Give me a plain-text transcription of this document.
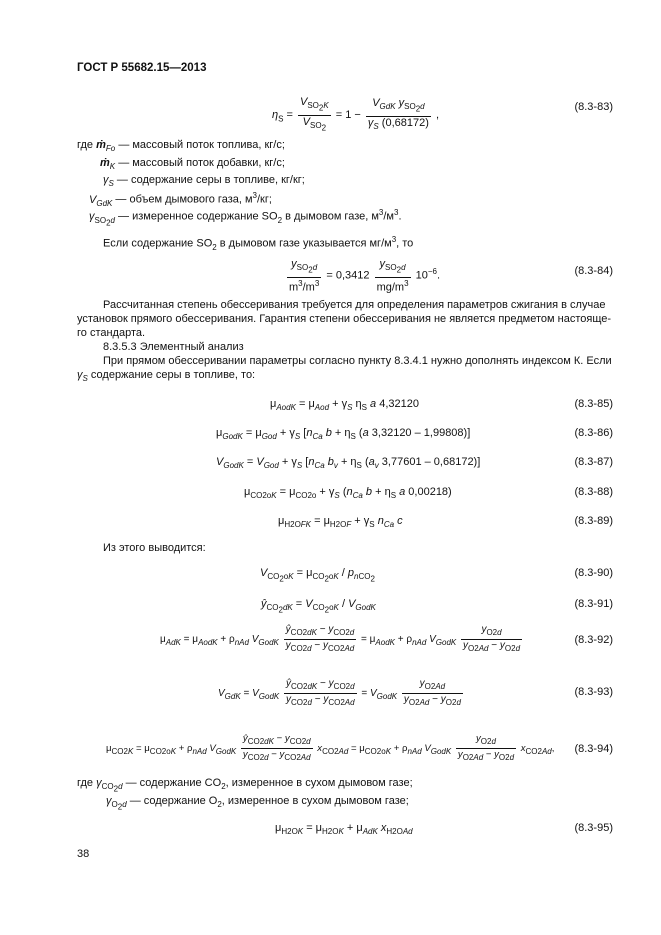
ГОСТ Р 55682.15—2013
$\eta_S = \frac{V_{SO_2K}}{V_{SO_2}} = 1 - \frac{V_{GdK} y_{SO_2d}}{\gamma_S (0,68172)}$ ,
(8.3-83)
где ṁ$_{Fo}$ — массовый поток топлива, кг/с;
ṁ$_K$ — массовый поток добавки, кг/с;
$\gamma_S$ — содержание серы в топливе, кг/кг;
$V_{GdK}$ — объем дымового газа, $м^3/кг$;
$\gamma_{SO_2d}$ — измеренное содержание $SO_2$ в дымовом газе, $м^3/м^3$.
Если содержание $SO_2$ в дымовом газе указывается $мг/м^3$, то
$\frac{y_{SO_2d}}{m^3/m^3} = 0,3412 \frac{y_{SO_2d}}{mg/m^3} 10^{-6}$.	(8.3-84)
Рассчитанная степень обессеривания требуется для определения параметров сжигания в случае установок прямого обессеривания. Гарантия степени обессеривания не является предметом настояще-го стандарта.
8.3.5.3 Элементный анализ
При прямом обессеривании параметры согласно пункту 8.3.4.1 нужно дополнять индексом К. Если
$\gamma_S$ содержание серы в топливе, то:
$\mu_{AodK} = \mu_{Aod} + \gamma_S$ $\eta_S$ a 4,32120	(8.3-85)
$\mu_{GodK} = \mu_{God} + \gamma_S$ [$n_{Ca}$ $b + \eta_S$ (a 3,32120 – 1,99808)]	(8.3-86)
$V_{GodK} = V_{God} + \gamma_S$ [$n_{Ca}$ $b_v + \eta_S$ ($a_v$ 3,77601 – 0,68172)]	(8.3-87)
$\mu_{CO2oK} = \mu_{CO2o} + \gamma_S$ ($n_{Ca}$ $b + \eta_S$ a 0,00218)	(8.3-88)
$\mu_{H2OFK} = \mu_{H2OF} + \gamma_S$ $n_{Ca}$ c	(8.3-89)
Из этого выводится:
$V_{CO_2oK} = \mu_{CO_2oK} / p_{nCO_2}$
(8.3-90)
$ŷ_{CO_2dK} = V_{CO_2oK} / V_{GodK}$	(8.3-91)
$\mu_{AdK} = \mu_{AodK} + \rho_{nAd}$ $V_{GodK} \frac{ŷ_{CO2dK} - y_{CO2d}}{y_{CO2d} - y_{CO2Ad}} = \mu_{AodK} + \rho_{nAd}$ $V_{GodK} \frac{y_{O2d}}{y_{O2Ad} - y_{O2d}}$	(8.3-92)
$V_{GdK} = V_{GodK} \frac{ŷ_{CO2dK} - y_{CO2d}}{y_{CO2d} - y_{CO2Ad}} = V_{GodK} \frac{y_{O2Ad}}{y_{O2Ad} - y_{O2d}}$	(8.3-93)
$\mu_{CO2K} = \mu_{CO2oK} + \rho_{nAd}$ $V_{GodK} \frac{ŷ_{CO2dK} - y_{CO2d}}{y_{CO2d} - y_{CO2Ad}} x_{CO2Ad} = \mu_{CO2oK} + \rho_{nAd}$ $V_{GodK} \frac{y_{O2d}}{y_{O2Ad} - y_{O2d}} x_{CO2Ad}$, (8.3-94)
где $\gamma_{CO_2d}$ — содержание $CO_2$, измеренное в сухом дымовом газе;
$\gamma_{O_2d}$ — содержание $O_2$, измеренное в сухом дымовом газе;
$\mu_{H2OK} = \mu_{H2OK} + \mu_{AdK}$ $x_{H2OAd}$	(8.3-95)
38
